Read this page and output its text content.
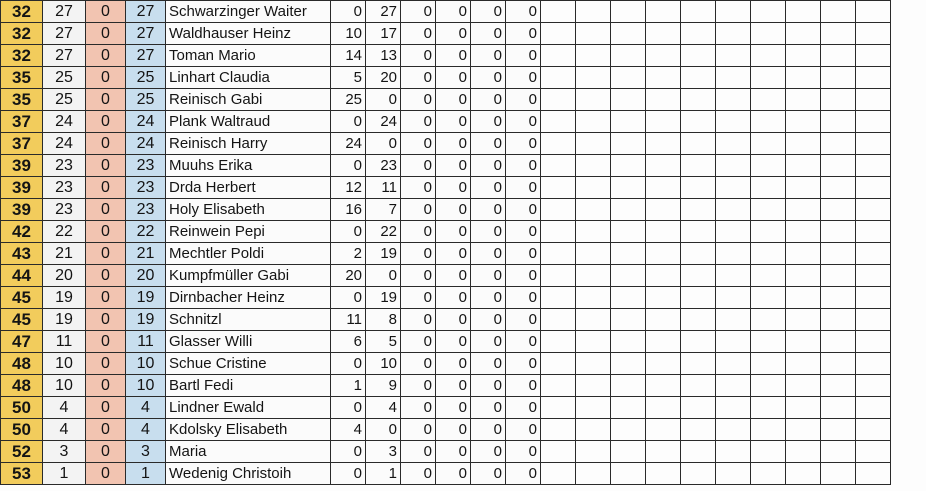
32	27	0	27	Schwarzinger Waiter	0	27	0	0	0	0										
32	27	0	27	Waldhauser Heinz	10	17	0	0	0	0										
32	27	0	27	Toman Mario	14	13	0	0	0	0										
35	25	0	25	Linhart Claudia	5	20	0	0	0	0										
35	25	0	25	Reinisch Gabi	25	0	0	0	0	0										
37	24	0	24	Plank Waltraud	0	24	0	0	0	0										
37	24	0	24	Reinisch Harry	24	0	0	0	0	0										
39	23	0	23	Muuhs Erika	0	23	0	0	0	0										
39	23	0	23	Drda Herbert	12	11	0	0	0	0										
39	23	0	23	Holy Elisabeth	16	7	0	0	0	0										
42	22	0	22	Reinwein Pepi	0	22	0	0	0	0										
43	21	0	21	Mechtler Poldi	2	19	0	0	0	0										
44	20	0	20	Kumpfmüller Gabi	20	0	0	0	0	0										
45	19	0	19	Dirnbacher Heinz	0	19	0	0	0	0										
45	19	0	19	Schnitzl	11	8	0	0	0	0										
47	11	0	11	Glasser Willi	6	5	0	0	0	0										
48	10	0	10	Schue Cristine	0	10	0	0	0	0										
48	10	0	10	Bartl Fedi	1	9	0	0	0	0										
50	4	0	4	Lindner Ewald	0	4	0	0	0	0										
50	4	0	4	Kdolsky Elisabeth	4	0	0	0	0	0										
52	3	0	3	Maria	0	3	0	0	0	0										
53	1	0	1	Wedenig Christoih	0	1	0	0	0	0										
